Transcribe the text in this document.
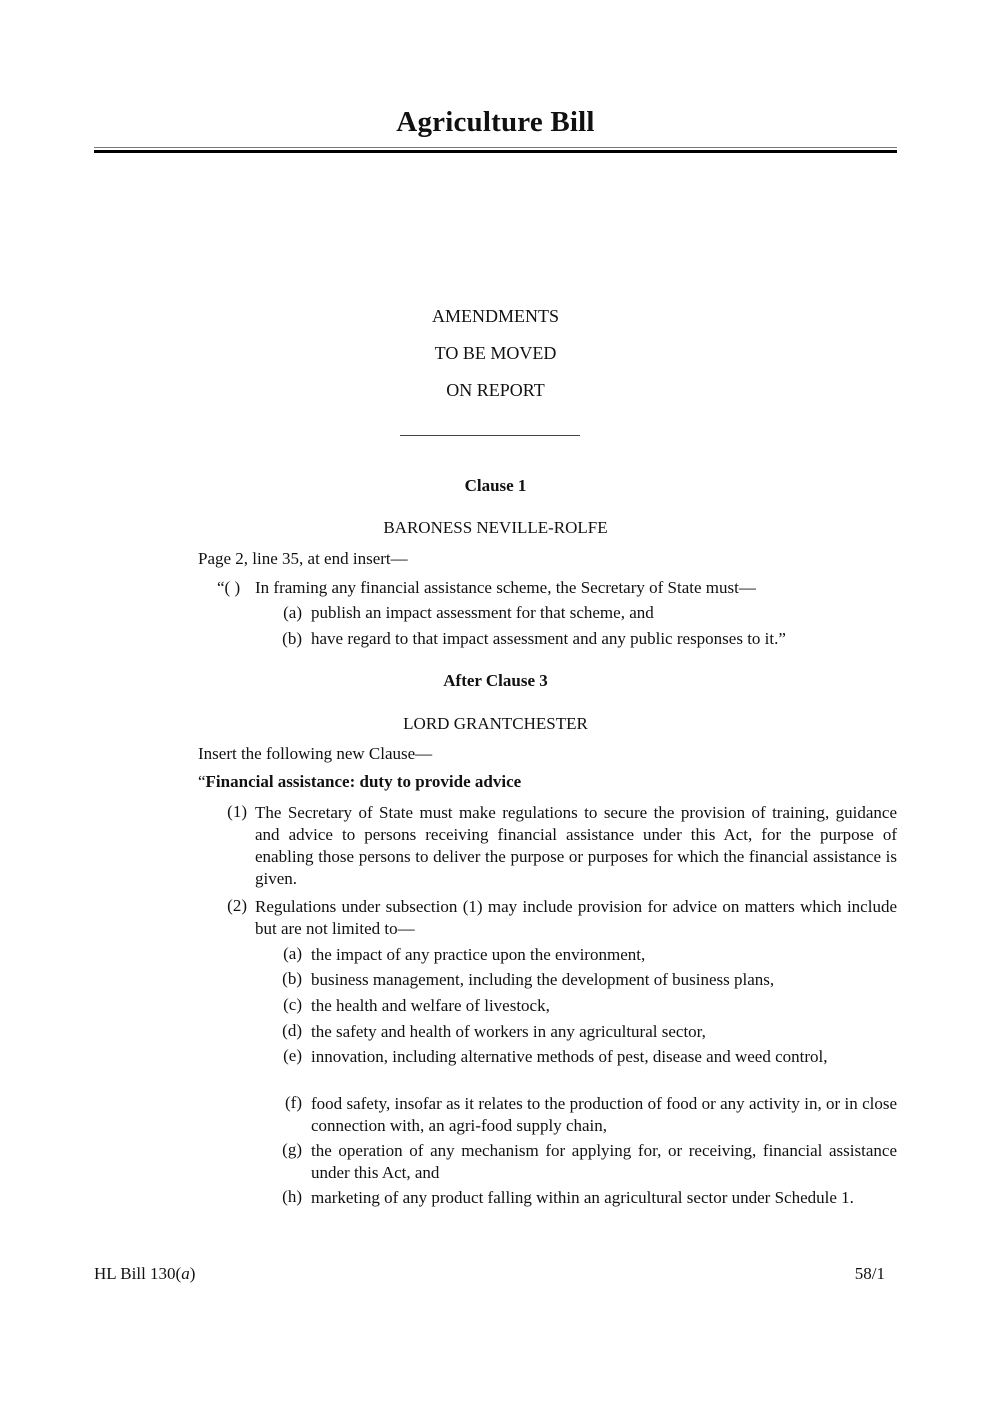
Agriculture Bill
AMENDMENTS
TO BE MOVED
ON REPORT
Clause 1
BARONESS NEVILLE-ROLFE
Page 2, line 35, at end insert—
“( ) In framing any financial assistance scheme, the Secretary of State must—
(a) publish an impact assessment for that scheme, and
(b) have regard to that impact assessment and any public responses to it.”
After Clause 3
LORD GRANTCHESTER
Insert the following new Clause—
“Financial assistance: duty to provide advice
(1) The Secretary of State must make regulations to secure the provision of training, guidance and advice to persons receiving financial assistance under this Act, for the purpose of enabling those persons to deliver the purpose or purposes for which the financial assistance is given.
(2) Regulations under subsection (1) may include provision for advice on matters which include but are not limited to—
(a) the impact of any practice upon the environment,
(b) business management, including the development of business plans,
(c) the health and welfare of livestock,
(d) the safety and health of workers in any agricultural sector,
(e) innovation, including alternative methods of pest, disease and weed control,
(f) food safety, insofar as it relates to the production of food or any activity in, or in close connection with, an agri-food supply chain,
(g) the operation of any mechanism for applying for, or receiving, financial assistance under this Act, and
(h) marketing of any product falling within an agricultural sector under Schedule 1.
HL Bill 130(a)	58/1
